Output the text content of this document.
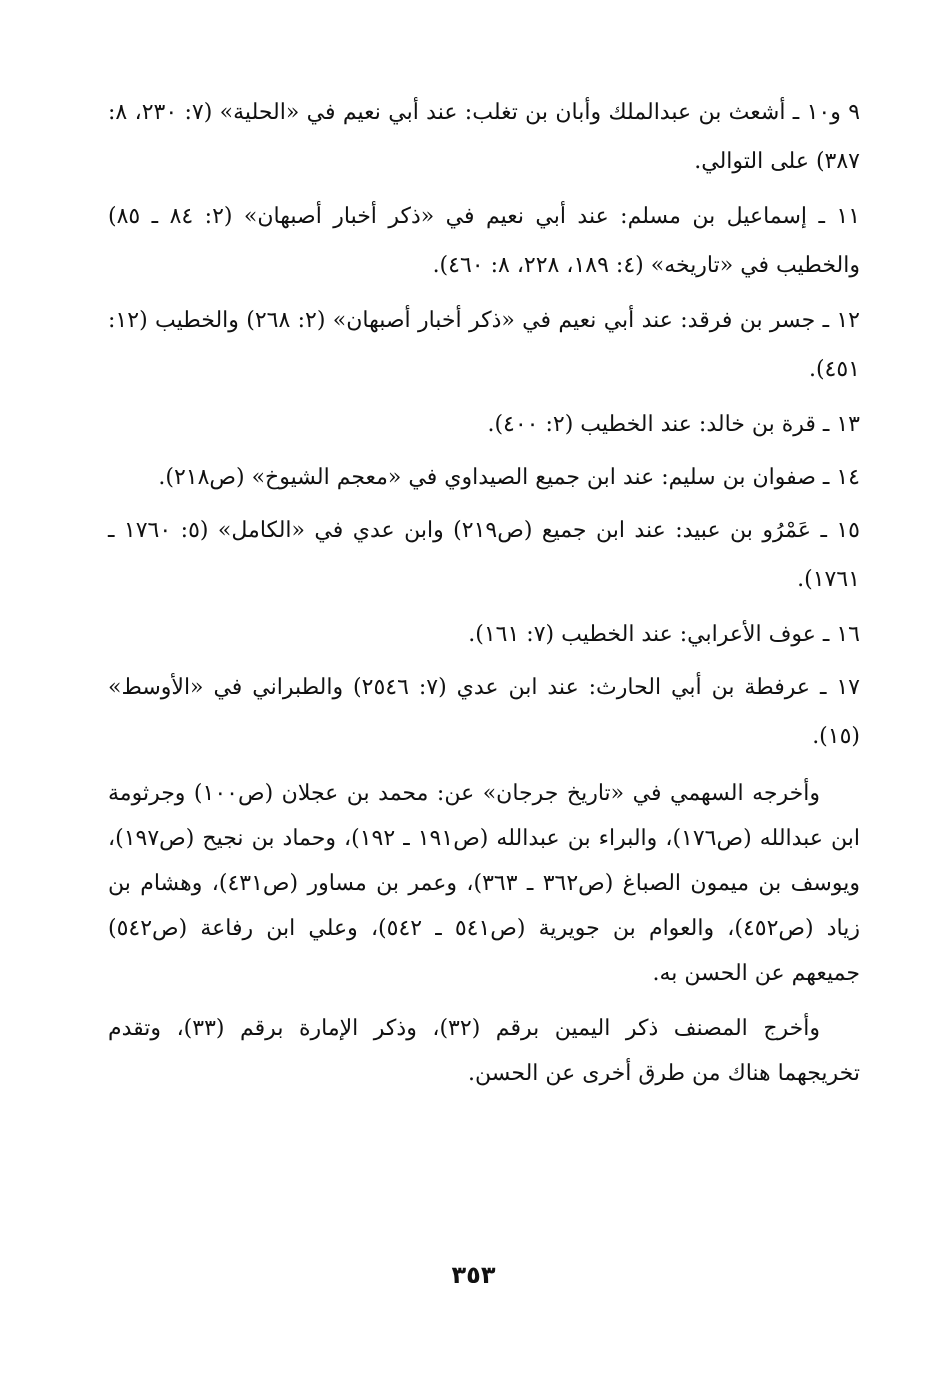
٩ و١٠ ـ أشعث بن عبدالملك وأبان بن تغلب: عند أبي نعيم في «الحلية» (٧: ٢٣٠، ٨: ٣٨٧) على التوالي.

١١ ـ إسماعيل بن مسلم: عند أبي نعيم في «ذكر أخبار أصبهان» (٢: ٨٤ ـ ٨٥) والخطيب في «تاريخه» (٤: ١٨٩، ٢٢٨، ٨: ٤٦٠).

١٢ ـ جسر بن فرقد: عند أبي نعيم في «ذكر أخبار أصبهان» (٢: ٢٦٨) والخطيب (١٢: ٤٥١).

١٣ ـ قرة بن خالد: عند الخطيب (٢: ٤٠٠).

١٤ ـ صفوان بن سليم: عند ابن جميع الصيداوي في «معجم الشيوخ» (ص٢١٨).

١٥ ـ عَمْرُو بن عبيد: عند ابن جميع (ص٢١٩) وابن عدي في «الكامل» (٥: ١٧٦٠ ـ ١٧٦١).

١٦ ـ عوف الأعرابي: عند الخطيب (٧: ١٦١).

١٧ ـ عرفطة بن أبي الحارث: عند ابن عدي (٧: ٢٥٤٦) والطبراني في «الأوسط» (١٥).

وأخرجه السهمي في «تاريخ جرجان» عن: محمد بن عجلان (ص١٠٠) وجرثومة ابن عبدالله (ص١٧٦)، والبراء بن عبدالله (ص١٩١ ـ ١٩٢)، وحماد بن نجيح (ص١٩٧)، ويوسف بن ميمون الصباغ (ص٣٦٢ ـ ٣٦٣)، وعمر بن مساور (ص٤٣١)، وهشام بن زياد (ص٤٥٢)، والعوام بن جويرية (ص٥٤١ ـ ٥٤٢)، وعلي ابن رفاعة (ص٥٤٢) جميعهم عن الحسن به.

وأخرج المصنف ذكر اليمين برقم (٣٢)، وذكر الإمارة برقم (٣٣)، وتقدم تخريجهما هناك من طرق أخرى عن الحسن.

٣٥٣
